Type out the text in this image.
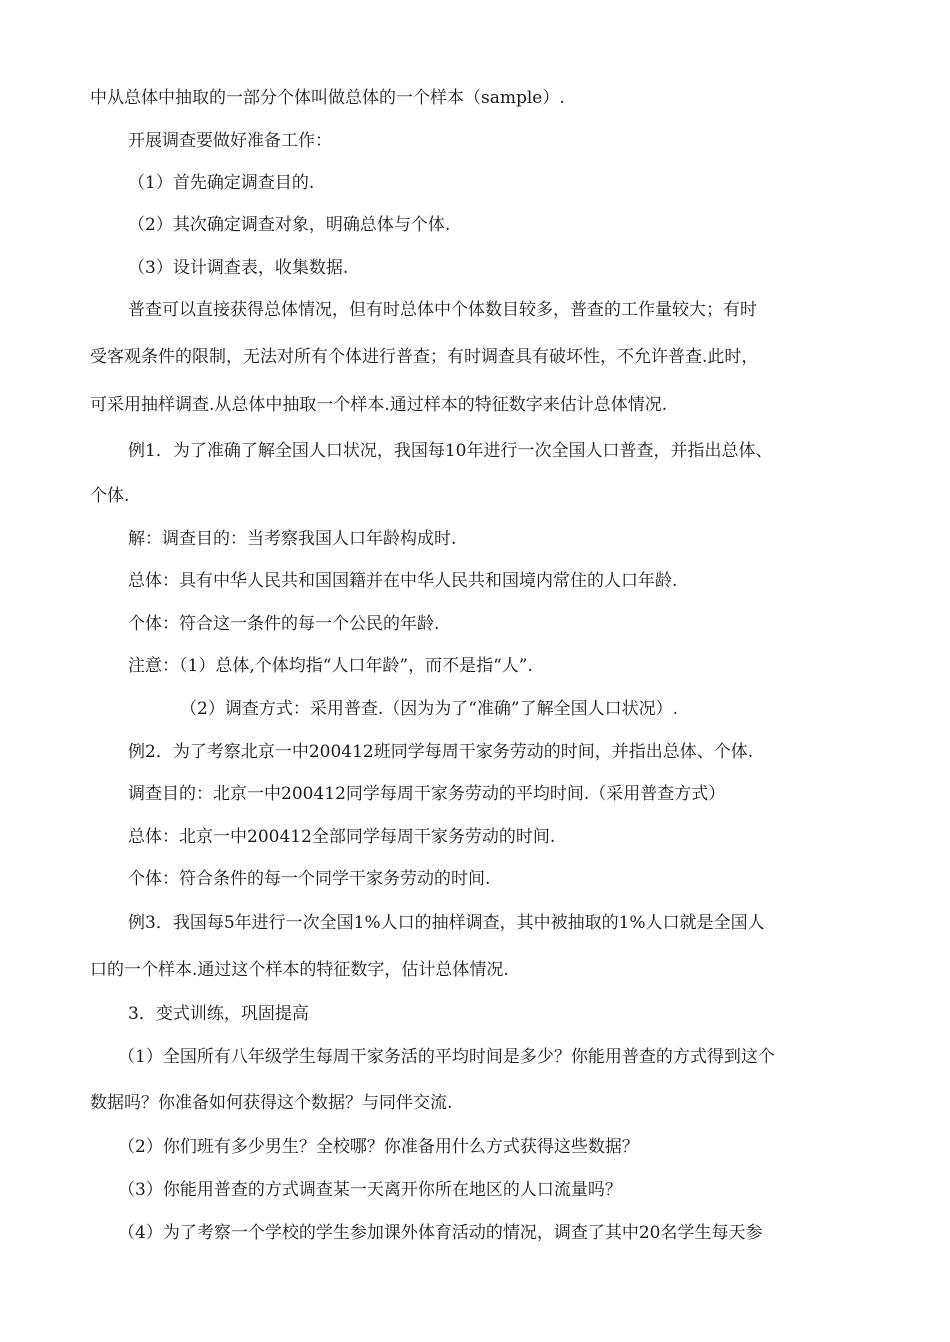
中从总体中抽取的一部分个体叫做总体的一个样本（sample）.
开展调查要做好准备工作：
（1）首先确定调查目的.
（2）其次确定调查对象，明确总体与个体.
（3）设计调查表，收集数据.
普查可以直接获得总体情况，但有时总体中个体数目较多，普查的工作量较大；有时
受客观条件的限制，无法对所有个体进行普查；有时调查具有破坏性，不允许普查.此时，
可采用抽样调查.从总体中抽取一个样本.通过样本的特征数字来估计总体情况.
例1．为了准确了解全国人口状况，我国每10年进行一次全国人口普查，并指出总体、
个体.
解：调查目的：当考察我国人口年龄构成时.
总体：具有中华人民共和国国籍并在中华人民共和国境内常住的人口年龄.
个体：符合这一条件的每一个公民的年龄.
注意：（1）总体,个体均指“人口年龄”，而不是指“人”.
（2）调查方式：采用普查.（因为为了“准确”了解全国人口状况）.
例2．为了考察北京一中200412班同学每周干家务劳动的时间，并指出总体、个体.
调查目的：北京一中200412同学每周干家务劳动的平均时间.（采用普查方式）
总体：北京一中200412全部同学每周干家务劳动的时间.
个体：符合条件的每一个同学干家务劳动的时间.
例3．我国每5年进行一次全国1%人口的抽样调查，其中被抽取的1%人口就是全国人
口的一个样本.通过这个样本的特征数字，估计总体情况.
3．变式训练，巩固提高
（1）全国所有八年级学生每周干家务活的平均时间是多少？你能用普查的方式得到这个
数据吗？你准备如何获得这个数据？与同伴交流.
（2）你们班有多少男生？全校哪？你准备用什么方式获得这些数据？
（3）你能用普查的方式调查某一天离开你所在地区的人口流量吗？
（4）为了考察一个学校的学生参加课外体育活动的情况，调查了其中20名学生每天参
